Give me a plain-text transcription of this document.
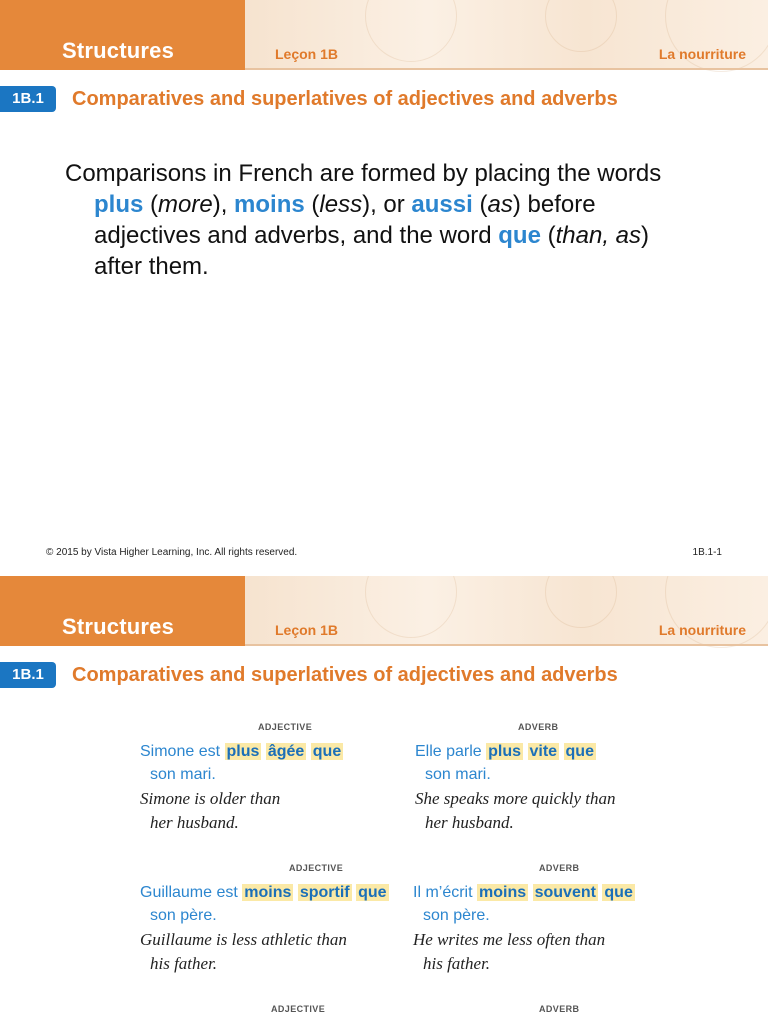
Structures	Leçon 1B	La nourriture
1B.1	Comparatives and superlatives of adjectives and adverbs
Comparisons in French are formed by placing the words
plus (more), moins (less), or aussi (as) before
adjectives and adverbs, and the word que (than, as)
after them.
© 2015 by Vista Higher Learning, Inc. All rights reserved.	1B.1-1
Structures	Leçon 1B	La nourriture
1B.1	Comparatives and superlatives of adjectives and adverbs
ADJECTIVE
Simone est plus âgée que
son mari.
Simone is older than
her husband.
ADVERB
Elle parle plus vite que
son mari.
She speaks more quickly than
her husband.
ADJECTIVE
Guillaume est moins sportif que
son père.
Guillaume is less athletic than
his father.
ADVERB
Il m’écrit moins souvent que
son père.
He writes me less often than
his father.
ADJECTIVE	ADVERB
